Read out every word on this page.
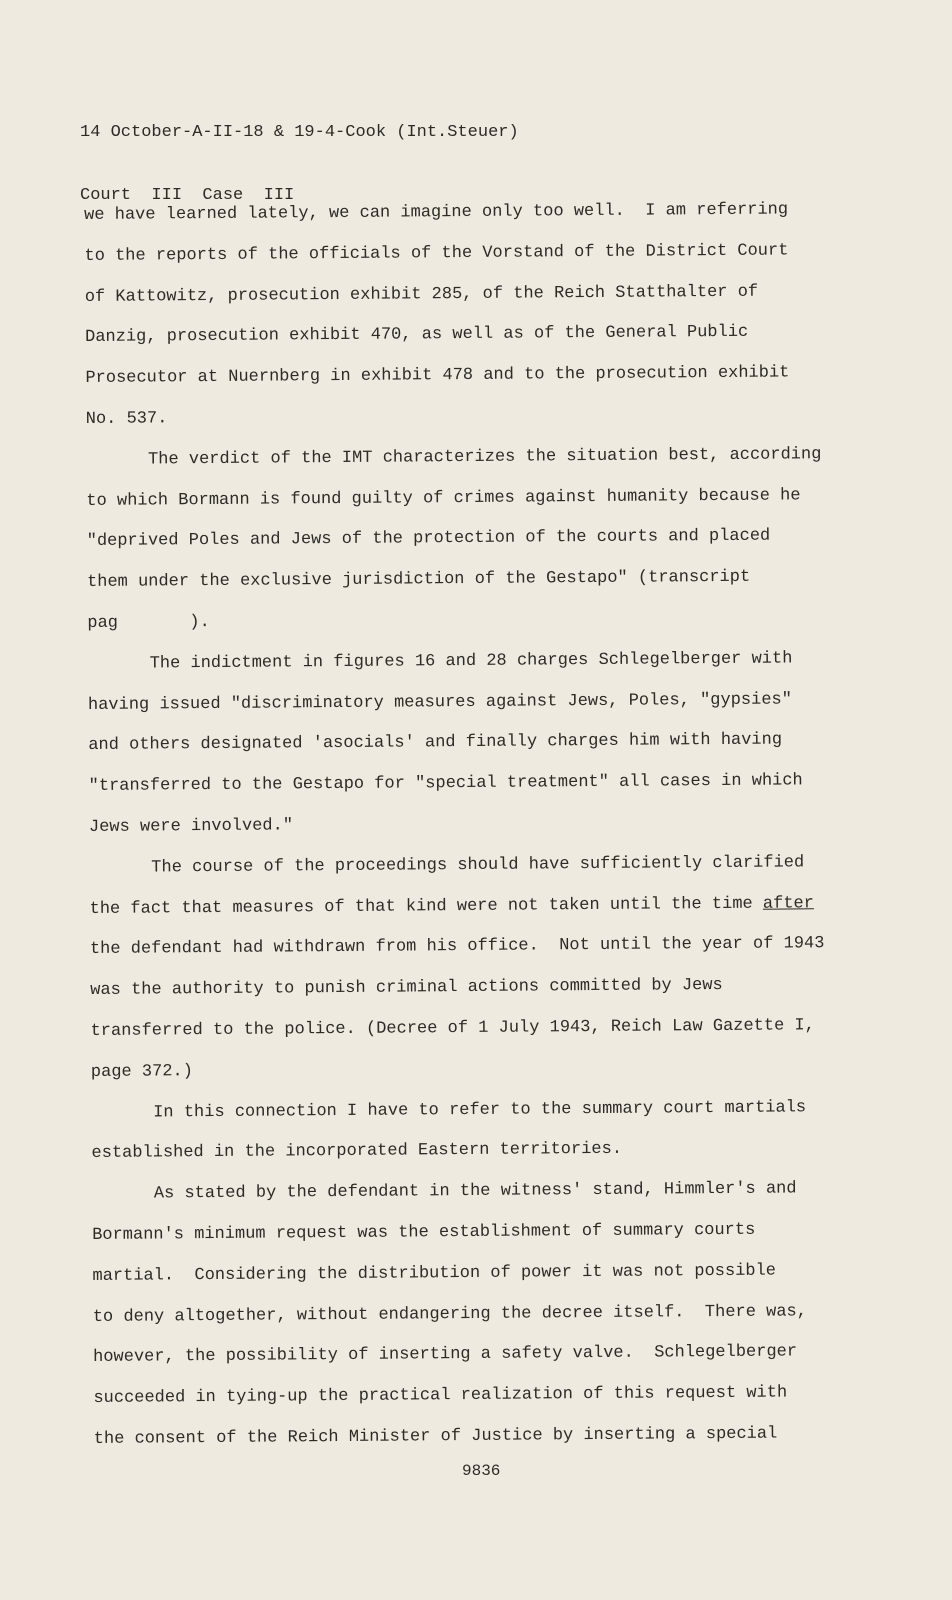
14 October-A-II-18 & 19-4-Cook (Int.Steuer)

Court  III  Case  III

we have learned lately, we can imagine only too well.  I am referring
to the reports of the officials of the Vorstand of the District Court
of Kattowitz, prosecution exhibit 285, of the Reich Statthalter of
Danzig, prosecution exhibit 470, as well as of the General Public
Prosecutor at Nuernberg in exhibit 478 and to the prosecution exhibit
No. 537.
The verdict of the IMT characterizes the situation best, according
to which Bormann is found guilty of crimes against humanity because he
"deprived Poles and Jews of the protection of the courts and placed
them under the exclusive jurisdiction of the Gestapo" (transcript
pag       ).
The indictment in figures 16 and 28 charges Schlegelberger with
having issued "discriminatory measures against Jews, Poles, "gypsies"
and others designated 'asocials' and finally charges him with having
"transferred to the Gestapo for "special treatment" all cases in which
Jews were involved."
The course of the proceedings should have sufficiently clarified
the fact that measures of that kind were not taken until the time after
the defendant had withdrawn from his office.  Not until the year of 1943
was the authority to punish criminal actions committed by Jews
transferred to the police. (Decree of 1 July 1943, Reich Law Gazette I,
page 372.)
In this connection I have to refer to the summary court martials
established in the incorporated Eastern territories.
As stated by the defendant in the witness' stand, Himmler's and
Bormann's minimum request was the establishment of summary courts
martial.  Considering the distribution of power it was not possible
to deny altogether, without endangering the decree itself.  There was,
however, the possibility of inserting a safety valve.  Schlegelberger
succeeded in tying-up the practical realization of this request with
the consent of the Reich Minister of Justice by inserting a special
9836
